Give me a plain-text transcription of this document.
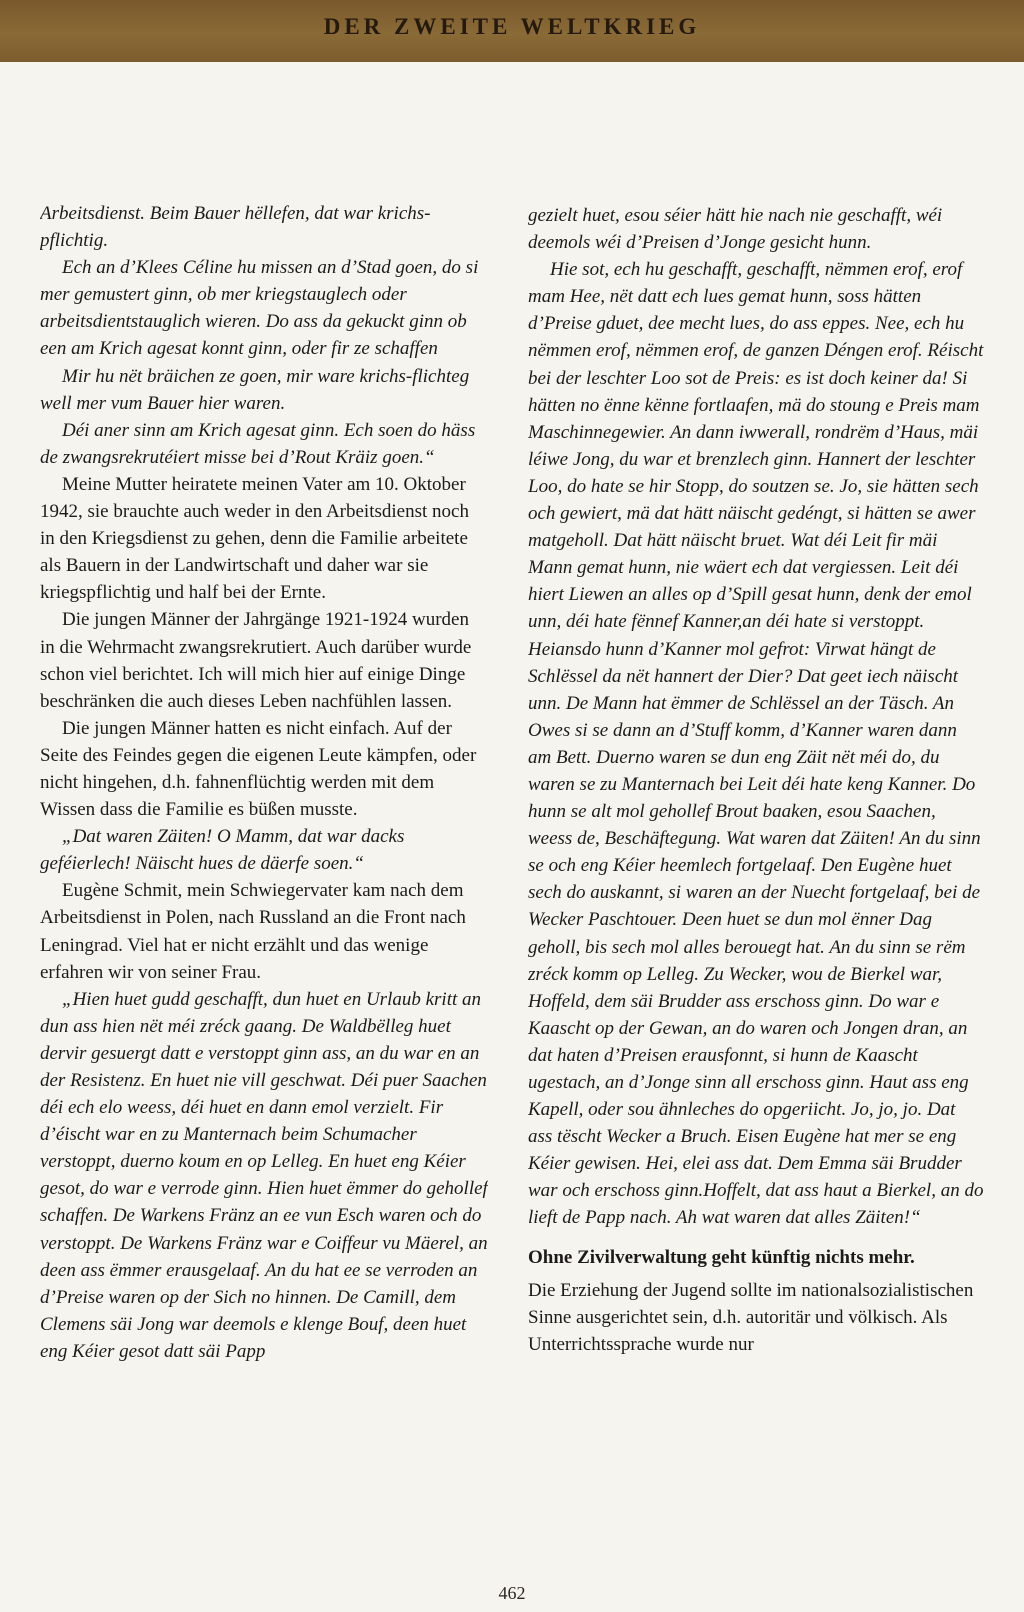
DER ZWEITE WELTKRIEG

Arbeitsdienst. Beim Bauer hëllefen, dat war krichs-pflichtig.

Ech an d’Klees Céline hu missen an d’Stad goen, do si mer gemustert ginn, ob mer kriegstauglech oder arbeitsdientstauglich wieren. Do ass da gekuckt ginn ob een am Krich agesat konnt ginn, oder fir ze schaffen

Mir hu nët bräichen ze goen, mir ware krichs-flichteg well mer vum Bauer hier waren.

Déi aner sinn am Krich agesat ginn. Ech soen do häss de zwangsrekrutéiert misse bei d’Rout Kräiz goen.“

Meine Mutter heiratete meinen Vater am 10. Oktober 1942, sie brauchte auch weder in den Arbeitsdienst noch in den Kriegsdienst zu gehen, denn die Familie arbeitete als Bauern in der Landwirtschaft und daher war sie kriegspflichtig und half bei der Ernte.

Die jungen Männer der Jahrgänge 1921-1924 wurden in die Wehrmacht zwangsrekrutiert. Auch darüber wurde schon viel berichtet. Ich will mich hier auf einige Dinge beschränken die auch dieses Leben nachfühlen lassen.

Die jungen Männer hatten es nicht einfach. Auf der Seite des Feindes gegen die eigenen Leute kämpfen, oder nicht hingehen, d.h. fahnenflüchtig werden mit dem Wissen dass die Familie es büßen musste.

„Dat waren Zäiten! O Mamm, dat war dacks geféierlech! Näischt hues de däerfe soen.“

Eugène Schmit, mein Schwiegervater kam nach dem Arbeitsdienst in Polen, nach Russland an die Front nach Leningrad. Viel hat er nicht erzählt und das wenige erfahren wir von seiner Frau.

„Hien huet gudd geschafft, dun huet en Urlaub kritt an dun ass hien nët méi zréck gaang. De Waldbëlleg huet dervir gesuergt datt e verstoppt ginn ass, an du war en an der Resistenz. En huet nie vill geschwat. Déi puer Saachen déi ech elo weess, déi huet en dann emol verzielt. Fir d’éischt war en zu Manternach beim Schumacher verstoppt, duerno koum en op Lelleg. En huet eng Kéier gesot, do war e verrode ginn. Hien huet ëmmer do gehollef schaffen. De Warkens Fränz an ee vun Esch waren och do verstoppt. De Warkens Fränz war e Coiffeur vu Mäerel, an deen ass ëmmer erausgelaaf. An du hat ee se verroden an d’Preise waren op der Sich no hinnen. De Camill, dem Clemens säi Jong war deemols e klenge Bouf, deen huet eng Kéier gesot datt säi Papp

gezielt huet, esou séier hätt hie nach nie geschafft, wéi deemols wéi d’Preisen d’Jonge gesicht hunn.

Hie sot, ech hu geschafft, geschafft, nëmmen erof, erof mam Hee, nët datt ech lues gemat hunn, soss hätten d’Preise gduet, dee mecht lues, do ass eppes. Nee, ech hu nëmmen erof, nëmmen erof, de ganzen Déngen erof. Réischt bei der leschter Loo sot de Preis: es ist doch keiner da! Si hätten no ënne kënne fortlaafen, mä do stoung e Preis mam Maschinnegewier. An dann iwwerall, rondrëm d’Haus, mäi léiwe Jong, du war et brenzlech ginn. Hannert der leschter Loo, do hate se hir Stopp, do soutzen se. Jo, sie hätten sech och gewiert, mä dat hätt näischt gedéngt, si hätten se awer matgeholl. Dat hätt näischt bruet. Wat déi Leit fir mäi Mann gemat hunn, nie wäert ech dat vergiessen. Leit déi hiert Liewen an alles op d’Spill gesat hunn, denk der emol unn, déi hate fënnef Kanner,an déi hate si verstoppt. Heiansdo hunn d’Kanner mol gefrot: Virwat hängt de Schlëssel da nët hannert der Dier? Dat geet iech näischt unn. De Mann hat ëmmer de Schlëssel an der Täsch. An Owes si se dann an d’Stuff komm, d’Kanner waren dann am Bett. Duerno waren se dun eng Zäit nët méi do, du waren se zu Manternach bei Leit déi hate keng Kanner. Do hunn se alt mol gehollef Brout baaken, esou Saachen, weess de, Beschäftegung. Wat waren dat Zäiten! An du sinn se och eng Kéier heemlech fortgelaaf. Den Eugène huet sech do auskannt, si waren an der Nuecht fortgelaaf, bei de Wecker Paschtouer. Deen huet se dun mol ënner Dag geholl, bis sech mol alles berouegt hat. An du sinn se rëm zréck komm op Lelleg. Zu Wecker, wou de Bierkel war, Hoffeld, dem säi Brudder ass erschoss ginn. Do war e Kaascht op der Gewan, an do waren och Jongen dran, an dat haten d’Preisen erausfonnt, si hunn de Kaascht ugestach, an d’Jonge sinn all erschoss ginn. Haut ass eng Kapell, oder sou ähnleches do opgeriicht. Jo, jo, jo. Dat ass tëscht Wecker a Bruch. Eisen Eugène hat mer se eng Kéier gewisen. Hei, elei ass dat. Dem Emma säi Brudder war och erschoss ginn.Hoffelt, dat ass haut a Bierkel, an do lieft de Papp nach. Ah wat waren dat alles Zäiten!“

Ohne Zivilverwaltung geht künftig nichts mehr.

Die Erziehung der Jugend sollte im nationalsozialistischen Sinne ausgerichtet sein, d.h. autoritär und völkisch. Als Unterrichtssprache wurde nur

462
